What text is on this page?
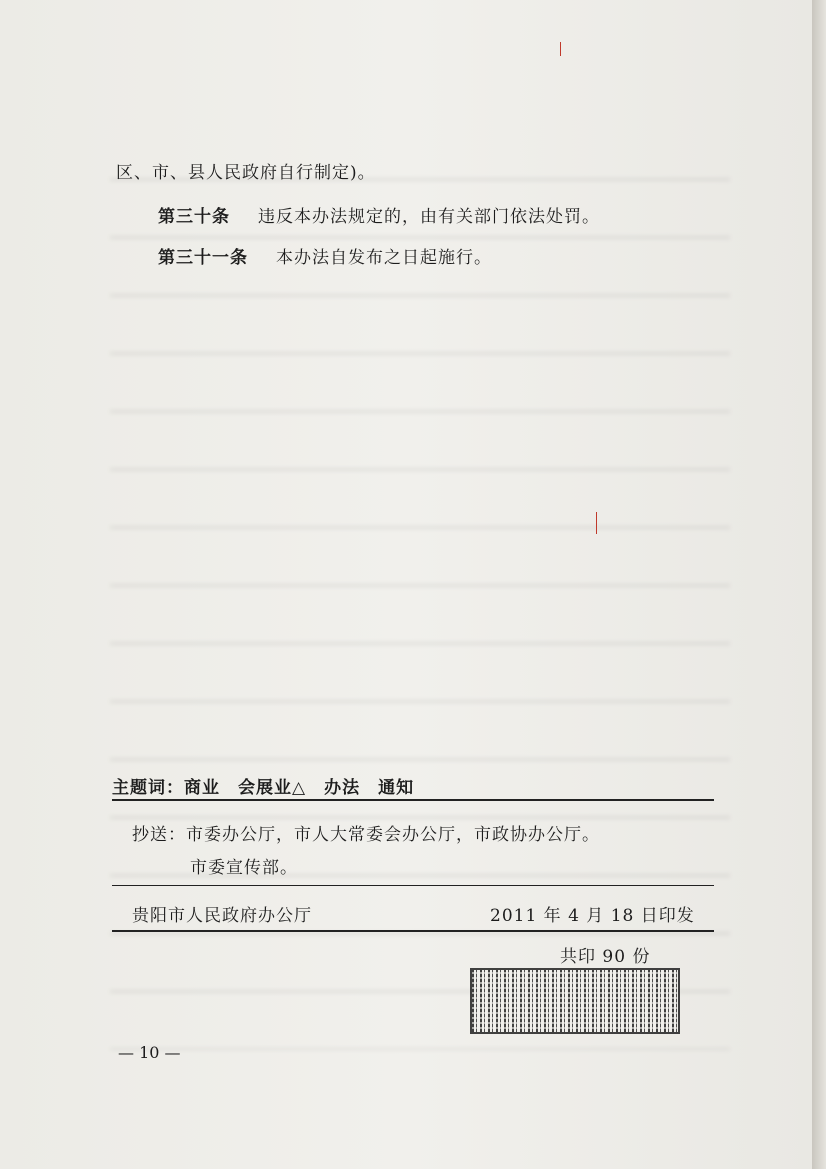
区、市、县人民政府自行制定)。
第三十条 违反本办法规定的，由有关部门依法处罚。
第三十一条 本办法自发布之日起施行。
主题词：商业　会展业△　办法　通知
抄送：市委办公厅，市人大常委会办公厅，市政协办公厅。
市委宣传部。
贵阳市人民政府办公厅	2011 年 4 月 18 日印发
共印 90 份
— 10 —
